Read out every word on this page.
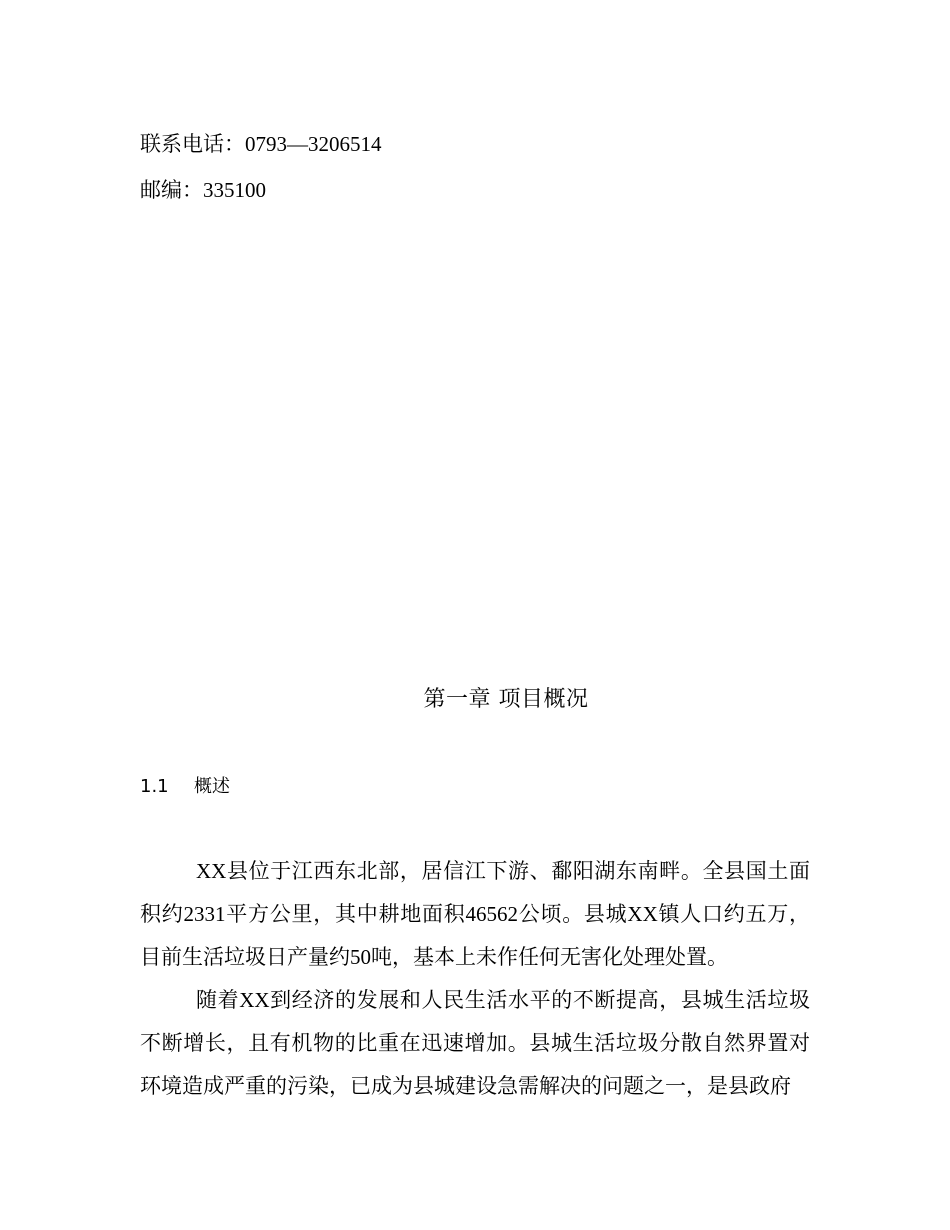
联系电话：0793—3206514
邮编：335100
第一章 项目概况
1.1 概述

XX县位于江西东北部，居信江下游、鄱阳湖东南畔。全县国土面积约2331平方公里，其中耕地面积46562公顷。县城XX镇人口约五万，目前生活垃圾日产量约50吨，基本上未作任何无害化处理处置。

随着XX到经济的发展和人民生活水平的不断提高，县城生活垃圾不断增长，且有机物的比重在迅速增加。县城生活垃圾分散自然界置对环境造成严重的污染，已成为县城建设急需解决的问题之一，是县政府
